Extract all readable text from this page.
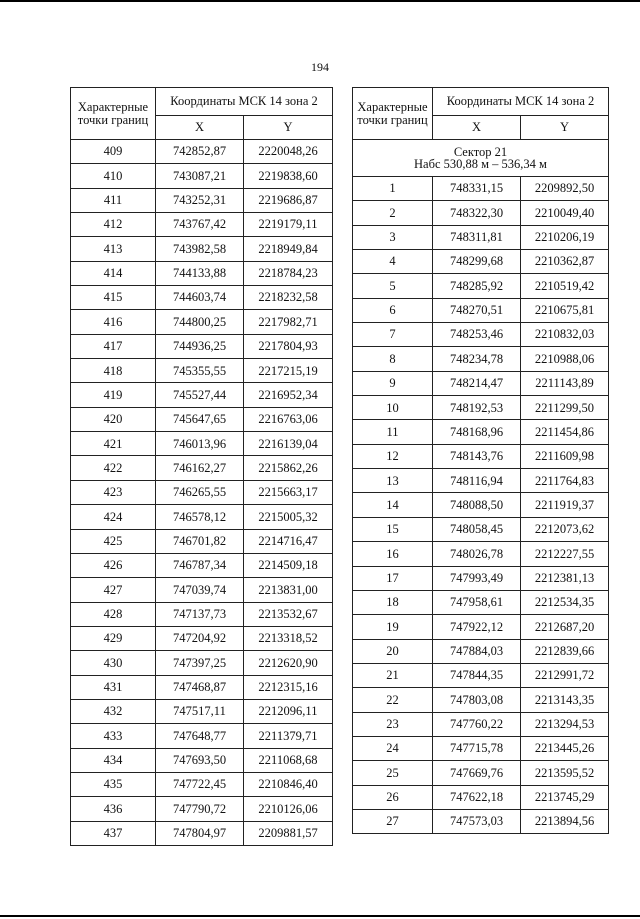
194
Характерные точки границ	Координаты МСК 14 зона 2	
	X	Y
409	742852,87	2220048,26
410	743087,21	2219838,60
411	743252,31	2219686,87
412	743767,42	2219179,11
413	743982,58	2218949,84
414	744133,88	2218784,23
415	744603,74	2218232,58
416	744800,25	2217982,71
417	744936,25	2217804,93
418	745355,55	2217215,19
419	745527,44	2216952,34
420	745647,65	2216763,06
421	746013,96	2216139,04
422	746162,27	2215862,26
423	746265,55	2215663,17
424	746578,12	2215005,32
425	746701,82	2214716,47
426	746787,34	2214509,18
427	747039,74	2213831,00
428	747137,73	2213532,67
429	747204,92	2213318,52
430	747397,25	2212620,90
431	747468,87	2212315,16
432	747517,11	2212096,11
433	747648,77	2211379,71
434	747693,50	2211068,68
435	747722,45	2210846,40
436	747790,72	2210126,06
437	747804,97	2209881,57
Характерные точки границ	Координаты МСК 14 зона 2	
	X	Y

Сектор 21
Набс 530,88 м – 536,34 м		

1	748331,15	2209892,50
2	748322,30	2210049,40
3	748311,81	2210206,19
4	748299,68	2210362,87
5	748285,92	2210519,42
6	748270,51	2210675,81
7	748253,46	2210832,03
8	748234,78	2210988,06
9	748214,47	2211143,89
10	748192,53	2211299,50
11	748168,96	2211454,86
12	748143,76	2211609,98
13	748116,94	2211764,83
14	748088,50	2211919,37
15	748058,45	2212073,62
16	748026,78	2212227,55
17	747993,49	2212381,13
18	747958,61	2212534,35
19	747922,12	2212687,20
20	747884,03	2212839,66
21	747844,35	2212991,72
22	747803,08	2213143,35
23	747760,22	2213294,53
24	747715,78	2213445,26
25	747669,76	2213595,52
26	747622,18	2213745,29
27	747573,03	2213894,56
